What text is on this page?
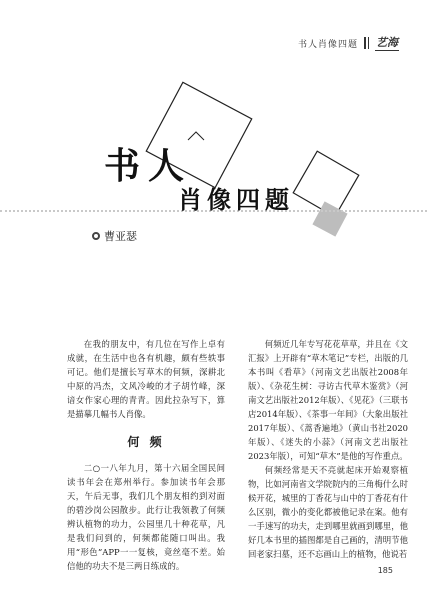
书人肖像四题 艺海
书人
肖像四题
曹亚瑟

在我的朋友中，有几位在写作上卓有成就，在生活中也各有机趣，颇有些轶事可记。他们是擅长写草木的何频，深耕北中原的冯杰，文风冷峻的才子胡竹峰，深谙女作家心理的青青。因此拉杂写下，算是描摹几幅书人肖像。

何 频

二○一八年九月，第十六届全国民间读书年会在郑州举行。参加读书年会那天，午后无事，我们几个朋友相约到对面的碧沙岗公园散步。此行让我领教了何频辨认植物的功力，公园里几十种花草，凡是我们问到的，何频都能随口叫出。我用“形色”APP一一复核，竟丝毫不差。始信他的功夫不是三两日练成的。

何频近几年专写花花草草，并且在《文汇报》上开辟有“草木笔记”专栏，出版的几本书叫《看草》（河南文艺出版社2008年版）、《杂花生树：寻访古代草木鉴赏》（河南文艺出版社2012年版）、《见花》（三联书店2014年版）、《茶事一年间》（大象出版社2017年版）、《蒿香遍地》（黄山书社2020年版）、《迷失的小蒜》（河南文艺出版社2023年版），可知“草木”是他的写作重点。

何频经常是天不亮就起床开始观察植物，比如河南省文学院院内的三角梅什么时候开花，城里的丁香花与山中的丁香花有什么区别，微小的变化都被他记录在案。他有一手速写的功夫，走到哪里就画到哪里，他好几本书里的插图都是自己画的，清明节他回老家扫墓，还不忘画山上的植物，他说若

185
